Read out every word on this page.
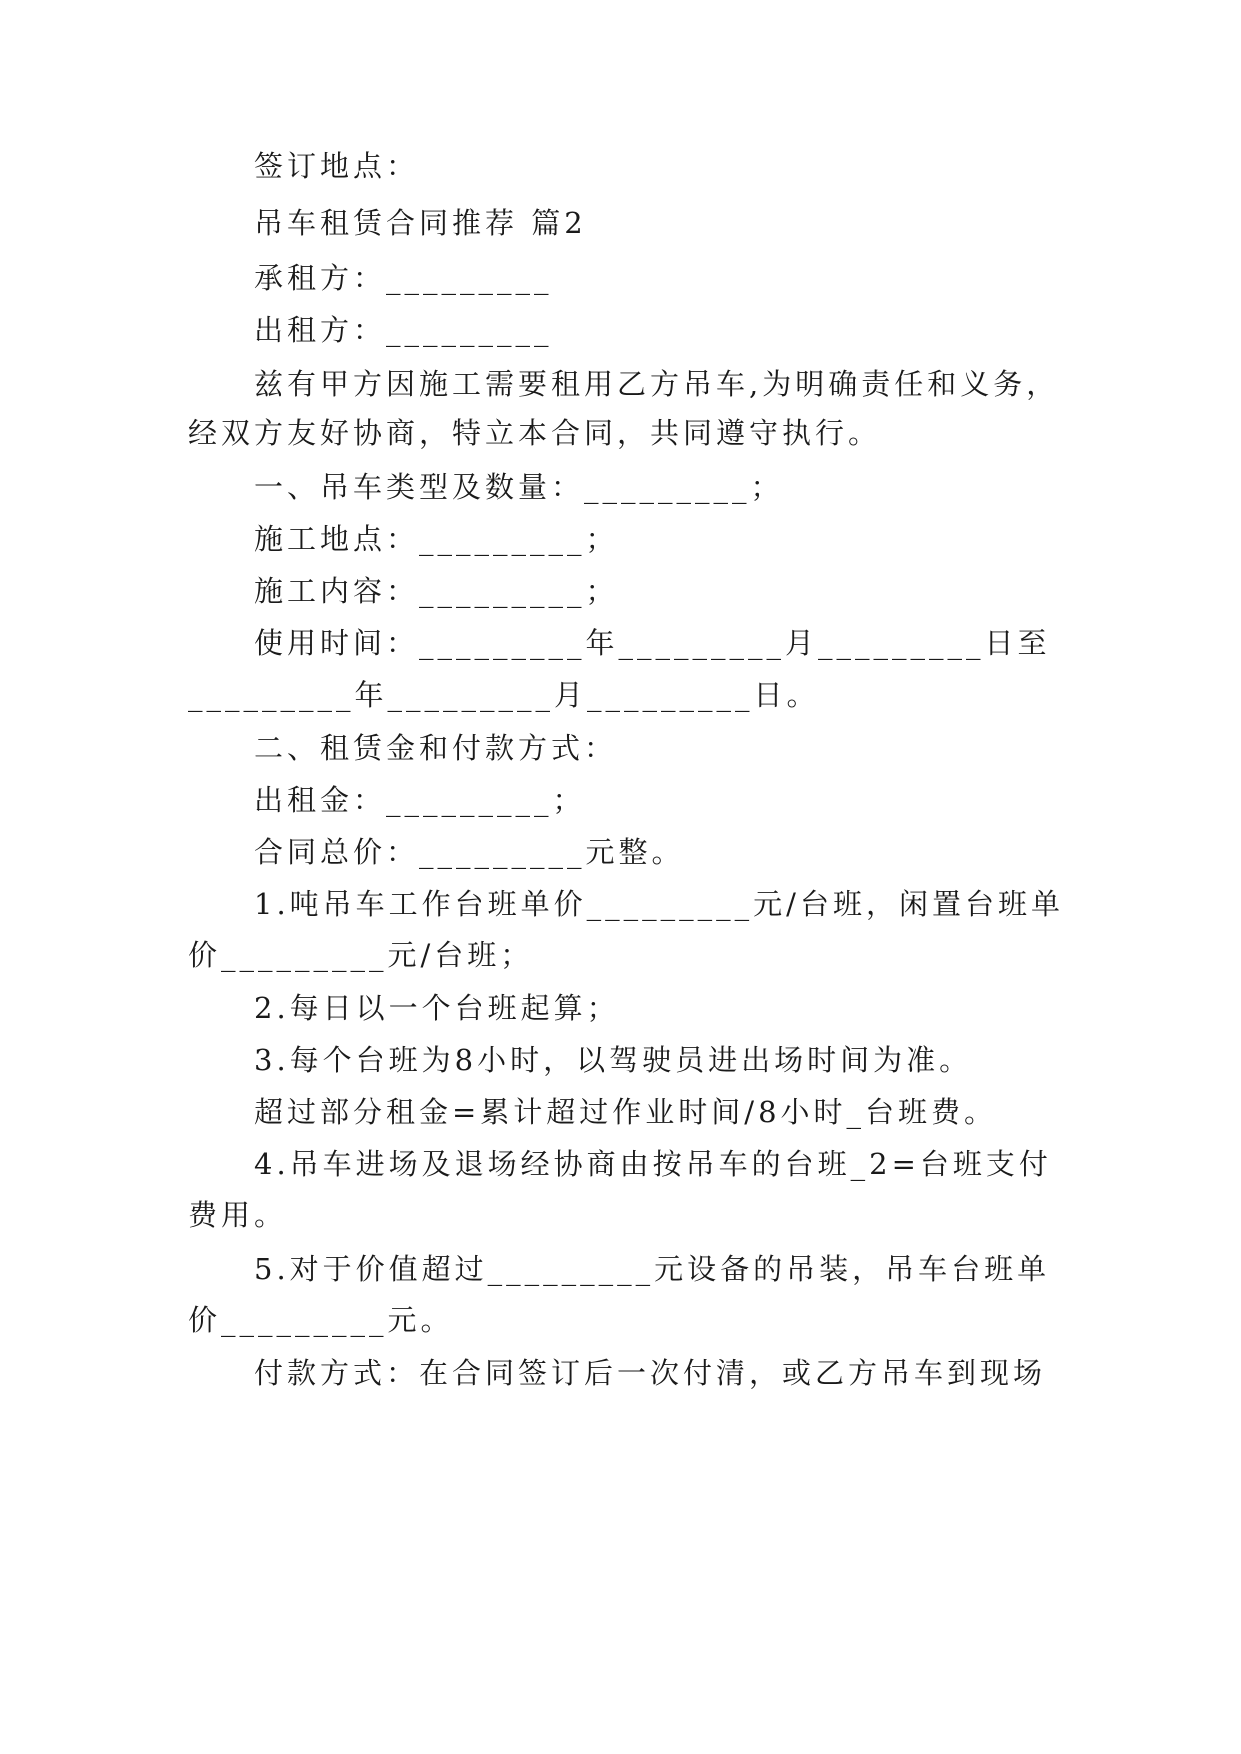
签订地点：
吊车租赁合同推荐 篇2
承租方：_________
出租方：_________
兹有甲方因施工需要租用乙方吊车,为明确责任和义务，
经双方友好协商，特立本合同，共同遵守执行。
一、吊车类型及数量：_________；
施工地点：_________；
施工内容：_________；
使用时间：_________年_________月_________日至
_________年_________月_________日。
二、租赁金和付款方式：
出租金：_________；
合同总价：_________元整。
1.吨吊车工作台班单价_________元/台班，闲置台班单
价_________元/台班；
2.每日以一个台班起算；
3.每个台班为8小时，以驾驶员进出场时间为准。
超过部分租金=累计超过作业时间/8小时_台班费。
4.吊车进场及退场经协商由按吊车的台班_2=台班支付
费用。
5.对于价值超过_________元设备的吊装，吊车台班单
价_________元。
付款方式：在合同签订后一次付清，或乙方吊车到现场
